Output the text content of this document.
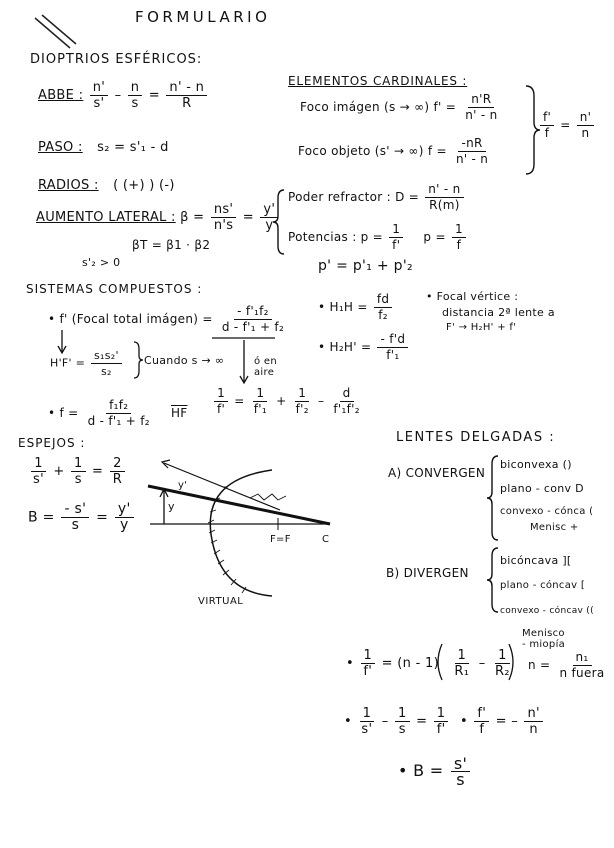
FORMULARIO
DIOPTRIOS ESFÉRICOS:
ABBE : $\frac{n'}{s'} - \frac{n}{s} = \frac{n' - n}{R}$
PASO : s₂ = s'₁ - d
RADIOS : ( (+) ) (-)
AUMENTO LATERAL : $\beta = \frac{ns'}{n's} = \frac{y'}{y}$
βT = β1 · β2
s'₂ > 0
ELEMENTOS CARDINALES :
Foco imágen (s → ∞) $f' = \frac{n'R}{n' - n}$
Foco objeto (s' → ∞) $f = \frac{-nR}{n' - n}$
$\frac{f'}{f} = \frac{n'}{n}$
Poder refractor : $D = \frac{n' - n}{R(m)}$
Potencias : $p = \frac{1}{f'}$ $p = \frac{1}{f}$
p' = p'₁ + p'₂
SISTEMAS COMPUESTOS :
• f' (Focal total imágen) = $\frac{\text{- f'₁f₂}}{\text{d - f'₁ + f₂}}$
$H'F' = \frac{\text{s₁s₂'}}{\text{s₂}}$ Cuando s → ∞	ó en aire
• $f = \frac{\text{f₁f₂}}{\text{d - f'₁ + f₂}} \overline{HF} \frac{1}{f'} = \frac{1}{\text{f'₁}} + \frac{1}{\text{f'₂}} - \frac{d}{\text{f'₁f'₂}}$
• $H_1H = \frac{fd}{\text{f₂}}$
• $H_2H' = \frac{- f'd}{\text{f'₁}}$
• Focal vértice :
distancia 2ª lente a
F' → H₂H' + f'
ESPEJOS :
$\frac{1}{s'} + \frac{1}{s} = \frac{2}{R}$
$B = \frac{- s'}{s} = \frac{y'}{y}$	y
y'
F=F	C
VIRTUAL
LENTES DELGADAS :
A) CONVERGEN
biconvexa ()
plano - conv D
convexo - cónca (
Menisc +
B) DIVERGEN
bicóncava ][
plano - cóncav [
convexo - cóncav ((
Menisco - miopía
• $\frac{1}{f'} = (n - 1) \frac{1}{\text{R₁}} - \frac{1}{\text{R₂}}$ $n = \frac{\text{n₁}}{\text{n fuera}}$
• $\frac{1}{s'} - \frac{1}{s} = \frac{1}{f'}$ • $\frac{f'}{f}$ = – $\frac{n'}{n}$
• $B = \frac{s'}{s}$
